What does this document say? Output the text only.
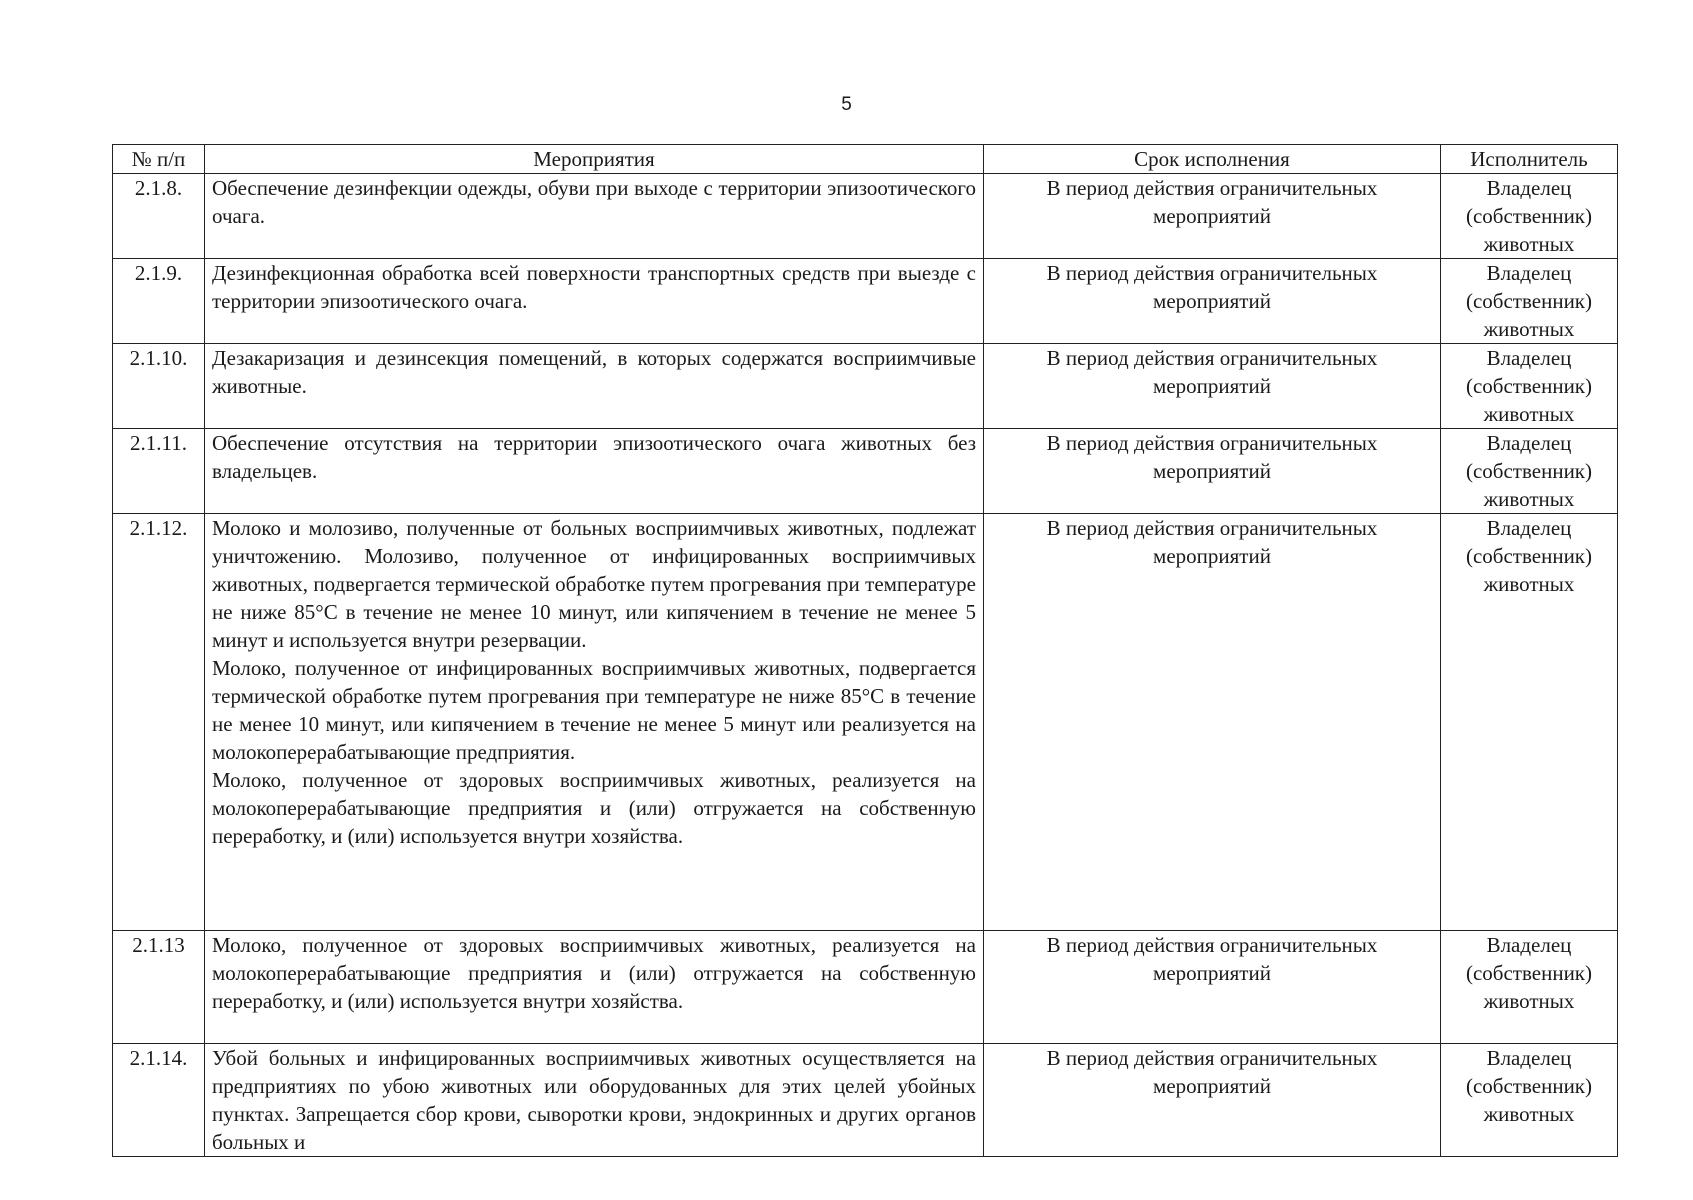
5
№ п/п	Мероприятия	Срок исполнения	Исполнитель
2.1.8.	Обеспечение дезинфекции одежды, обуви при выходе с территории эпизоотического очага.	В период действия ограничительных мероприятий	Владелец (собственник) животных
2.1.9.	Дезинфекционная обработка всей поверхности транспортных средств при выезде с территории эпизоотического очага.	В период действия ограничительных мероприятий	Владелец (собственник) животных
2.1.10.	Дезакаризация и дезинсекция помещений, в которых содержатся восприимчивые животные.	В период действия ограничительных мероприятий	Владелец (собственник) животных
2.1.11.	Обеспечение отсутствия на территории эпизоотического очага животных без владельцев.	В период действия ограничительных мероприятий	Владелец (собственник) животных
2.1.12.	Молоко и молозиво, полученные от больных восприимчивых животных, подлежат уничтожению. Молозиво, полученное от инфицированных восприимчивых животных, подвергается термической обработке путем прогревания при температуре не ниже 85°С в течение не менее 10 минут, или кипячением в течение не менее 5 минут и используется внутри резервации.

Молоко, полученное от инфицированных восприимчивых животных, подвергается термической обработке путем прогревания при температуре не ниже 85°С в течение не менее 10 минут, или кипячением в течение не менее 5 минут или реализуется на молокоперерабатывающие предприятия.

Молоко, полученное от здоровых восприимчивых животных, реализуется на молокоперерабатывающие предприятия и (или) отгружается на собственную переработку, и (или) используется внутри хозяйства.	В период действия ограничительных мероприятий	Владелец (собственник) животных
2.1.13	Молоко, полученное от здоровых восприимчивых животных, реализуется на молокоперерабатывающие предприятия и (или) отгружается на собственную переработку, и (или) используется внутри хозяйства.	В период действия ограничительных мероприятий	Владелец (собственник) животных
2.1.14.	Убой больных и инфицированных восприимчивых животных осуществляется на предприятиях по убою животных или оборудованных для этих целей убойных пунктах. Запрещается сбор крови, сыворотки крови, эндокринных и других органов больных и	В период действия ограничительных мероприятий	Владелец (собственник) животных
